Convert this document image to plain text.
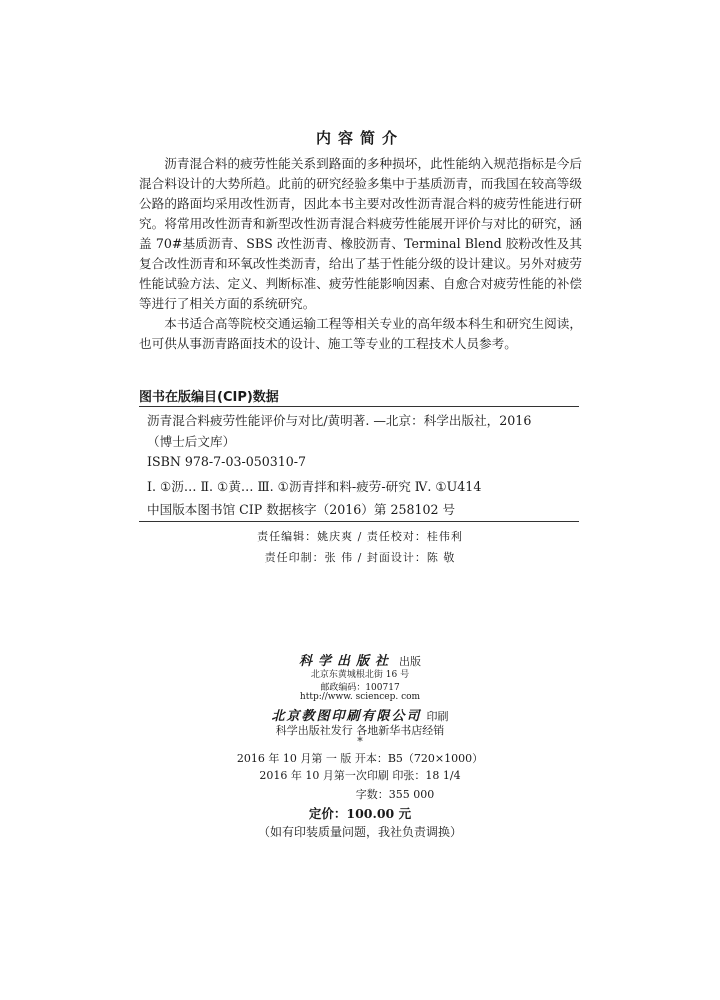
内容简介

沥青混合料的疲劳性能关系到路面的多种损坏，此性能纳入规范指标是今后混合料设计的大势所趋。此前的研究经验多集中于基质沥青，而我国在较高等级公路的路面均采用改性沥青，因此本书主要对改性沥青混合料的疲劳性能进行研究。将常用改性沥青和新型改性沥青混合料疲劳性能展开评价与对比的研究，涵盖 70#基质沥青、SBS 改性沥青、橡胶沥青、Terminal Blend 胶粉改性及其复合改性沥青和环氧改性类沥青，给出了基于性能分级的设计建议。另外对疲劳性能试验方法、定义、判断标准、疲劳性能影响因素、自愈合对疲劳性能的补偿等进行了相关方面的系统研究。

本书适合高等院校交通运输工程等相关专业的高年级本科生和研究生阅读，也可供从事沥青路面技术的设计、施工等专业的工程技术人员参考。

图书在版编目(CIP)数据
沥青混合料疲劳性能评价与对比/黄明著. —北京：科学出版社，2016
（博士后文库）
ISBN 978-7-03-050310-7
Ⅰ. ①沥… Ⅱ. ①黄… Ⅲ. ①沥青拌和料-疲劳-研究 Ⅳ. ①U414
中国版本图书馆 CIP 数据核字（2016）第 258102 号
责任编辑：姚庆爽 / 责任校对：桂伟利
责任印制：张 伟 / 封面设计：陈 敬
科学出版社 出版
北京东黄城根北街 16 号
邮政编码：100717
http://www. sciencep. com
北京教图印刷有限公司 印刷
科学出版社发行 各地新华书店经销
*
2016 年 10 月第 一 版 开本：B5（720×1000）
2016 年 10 月第一次印刷 印张：18 1/4
字数：355 000
定价：100.00 元
（如有印装质量问题，我社负责调换）
